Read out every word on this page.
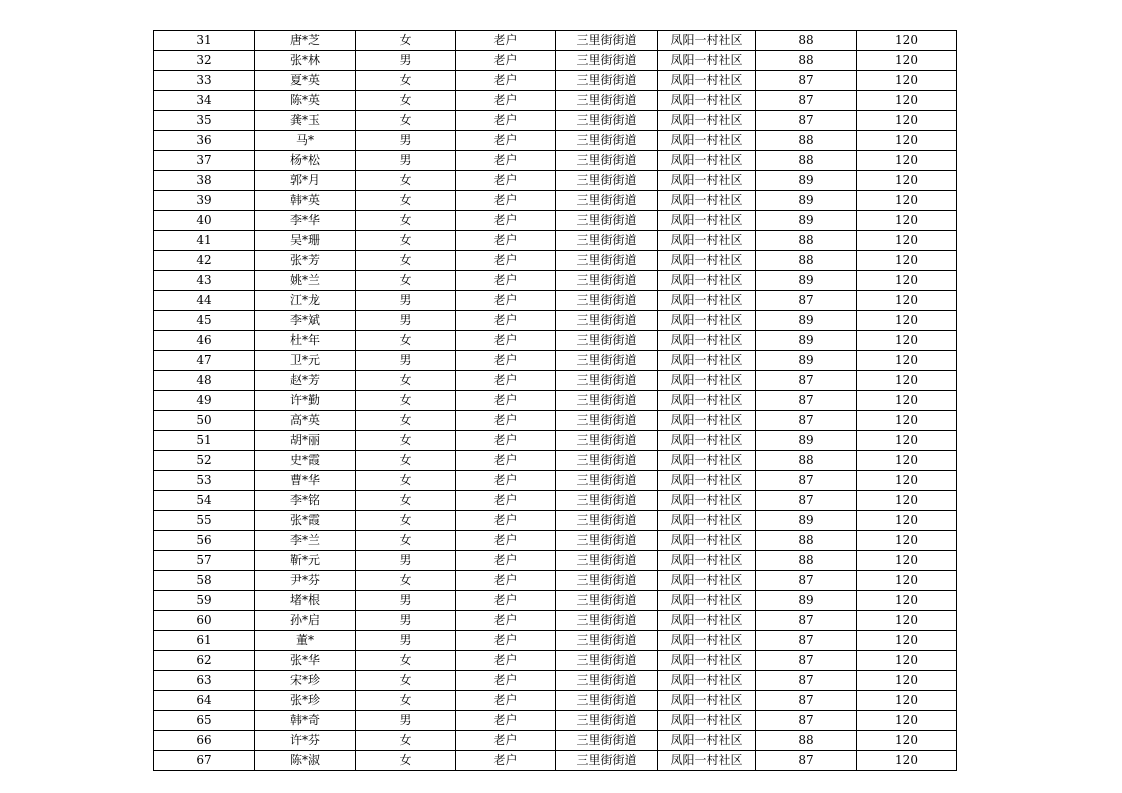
31	唐*芝	女	老户	三里街街道	凤阳一村社区	88	120
32	张*林	男	老户	三里街街道	凤阳一村社区	88	120
33	夏*英	女	老户	三里街街道	凤阳一村社区	87	120
34	陈*英	女	老户	三里街街道	凤阳一村社区	87	120
35	龚*玉	女	老户	三里街街道	凤阳一村社区	87	120
36	马*	男	老户	三里街街道	凤阳一村社区	88	120
37	杨*松	男	老户	三里街街道	凤阳一村社区	88	120
38	郭*月	女	老户	三里街街道	凤阳一村社区	89	120
39	韩*英	女	老户	三里街街道	凤阳一村社区	89	120
40	李*华	女	老户	三里街街道	凤阳一村社区	89	120
41	吴*珊	女	老户	三里街街道	凤阳一村社区	88	120
42	张*芳	女	老户	三里街街道	凤阳一村社区	88	120
43	姚*兰	女	老户	三里街街道	凤阳一村社区	89	120
44	江*龙	男	老户	三里街街道	凤阳一村社区	87	120
45	李*斌	男	老户	三里街街道	凤阳一村社区	89	120
46	杜*年	女	老户	三里街街道	凤阳一村社区	89	120
47	卫*元	男	老户	三里街街道	凤阳一村社区	89	120
48	赵*芳	女	老户	三里街街道	凤阳一村社区	87	120
49	许*勤	女	老户	三里街街道	凤阳一村社区	87	120
50	高*英	女	老户	三里街街道	凤阳一村社区	87	120
51	胡*丽	女	老户	三里街街道	凤阳一村社区	89	120
52	史*霞	女	老户	三里街街道	凤阳一村社区	88	120
53	曹*华	女	老户	三里街街道	凤阳一村社区	87	120
54	李*铭	女	老户	三里街街道	凤阳一村社区	87	120
55	张*霞	女	老户	三里街街道	凤阳一村社区	89	120
56	李*兰	女	老户	三里街街道	凤阳一村社区	88	120
57	靳*元	男	老户	三里街街道	凤阳一村社区	88	120
58	尹*芬	女	老户	三里街街道	凤阳一村社区	87	120
59	堵*根	男	老户	三里街街道	凤阳一村社区	89	120
60	孙*启	男	老户	三里街街道	凤阳一村社区	87	120
61	董*	男	老户	三里街街道	凤阳一村社区	87	120
62	张*华	女	老户	三里街街道	凤阳一村社区	87	120
63	宋*珍	女	老户	三里街街道	凤阳一村社区	87	120
64	张*珍	女	老户	三里街街道	凤阳一村社区	87	120
65	韩*奇	男	老户	三里街街道	凤阳一村社区	87	120
66	许*芬	女	老户	三里街街道	凤阳一村社区	88	120
67	陈*淑	女	老户	三里街街道	凤阳一村社区	87	120
